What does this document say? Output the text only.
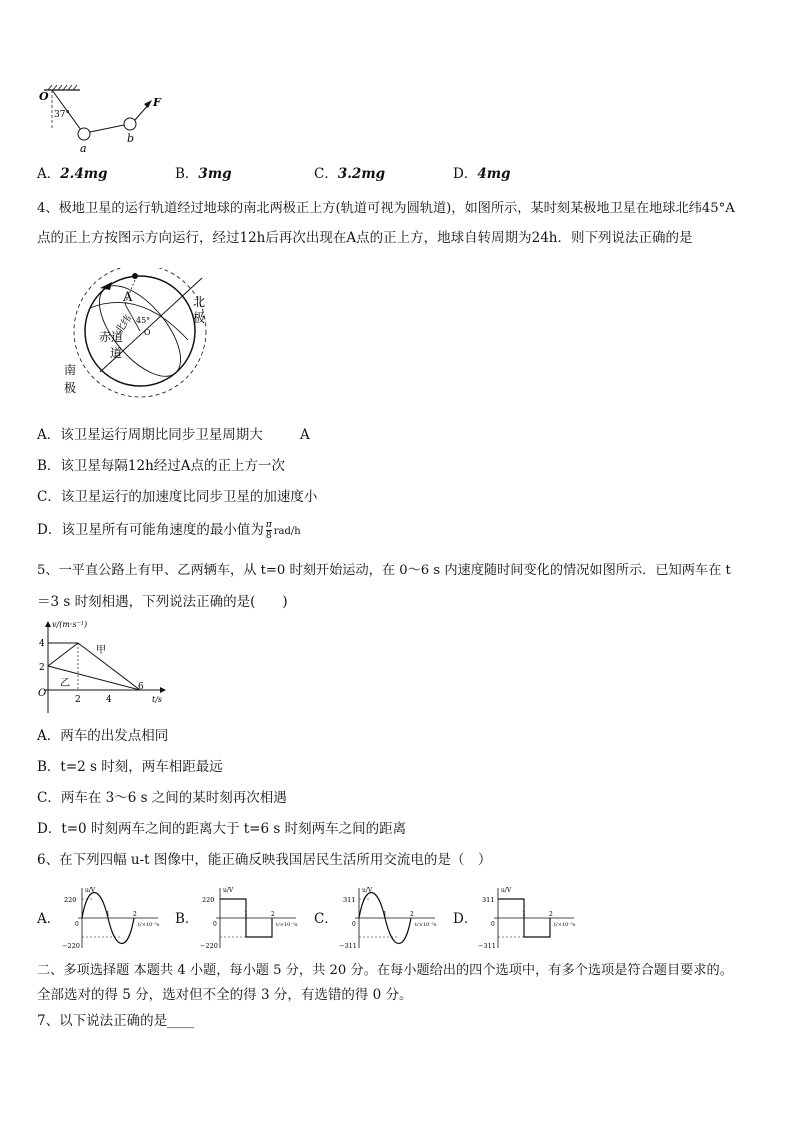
O
37°
a
b
F
A．2.4mg	B．3mg	C．3.2mg	D．4mg
4、极地卫星的运行轨道经过地球的南北两极正上方(轨道可视为圆轨道)，如图所示，某时刻某极地卫星在地球北纬45°A
点的正上方按图示方向运行，经过12h后再次出现在A点的正上方，地球自转周期为24h．则下列说法正确的是
北
极
南
极
A
赤道
道
北纬 45°
O
A．该卫星运行周期比同步卫星周期大	A
B．该卫星每隔12h经过A点的正上方一次
C．该卫星运行的加速度比同步卫星的加速度小
D．该卫星所有可能角速度的最小值为 $\frac{\pi}{8} rad/h$
5、一平直公路上有甲、乙两辆车，从 t=0 时刻开始运动，在 0～6 s 内速度随时间变化的情况如图所示．已知两车在 t
＝3 s 时刻相遇，下列说法正确的是(　　)
v/(m·s⁻¹)
t/s
甲
乙
O
4
2
2	4
6
A．两车的出发点相同
B．t=2 s 时刻，两车相距最远
C．两车在 3～6 s 之间的某时刻再次相遇
D．t=0 时刻两车之间的距离大于 t=6 s 时刻两车之间的距离
6、在下列四幅 u-t 图像中，能正确反映我国居民生活所用交流电的是（　）
A．
u/V
220
−220
0
1	2
t/×10⁻²s B．
u/V
220
−220
0
1	2
t/×10⁻²s C．
u/V
311
−311
0
1	2
t/×10⁻²s D．
u/V
311
−311
0
1	2
t/×10⁻²s
二、多项选择题 本题共 4 小题，每小题 5 分，共 20 分。在每小题给出的四个选项中，有多个选项是符合题目要求的。
全部选对的得 5 分，选对但不全的得 3 分，有选错的得 0 分。
7、以下说法正确的是____
